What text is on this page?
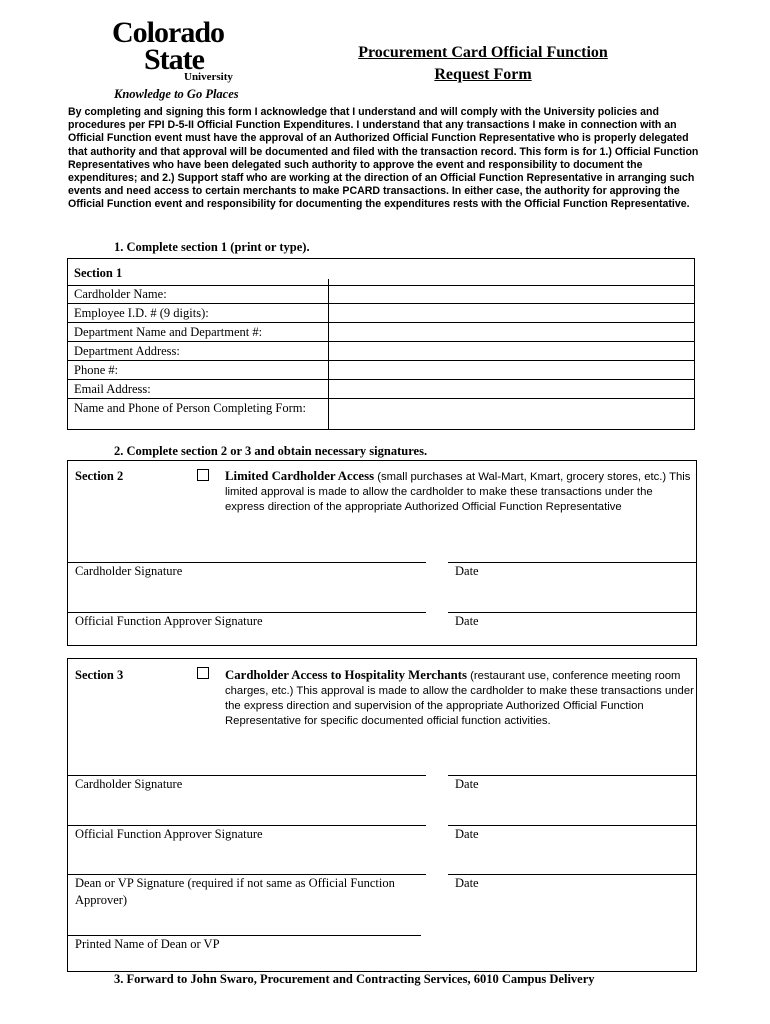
Colorado
State
University
Knowledge to Go Places
Procurement Card Official Function
Request Form
By completing and signing this form I acknowledge that I understand and will comply with the University policies and procedures per FPI D-5-II Official Function Expenditures. I understand that any transactions I make in connection with an Official Function event must have the approval of an Authorized Official Function Representative who is properly delegated that authority and that approval will be documented and filed with the transaction record. This form is for 1.) Official Function Representatives who have been delegated such authority to approve the event and responsibility to document the expenditures; and 2.) Support staff who are working at the direction of an Official Function Representative in arranging such events and need access to certain merchants to make PCARD transactions. In either case, the authority for approving the Official Function event and responsibility for documenting the expenditures rests with the Official Function Representative.
1. Complete section 1 (print or type).
Section 1
Cardholder Name:
Employee I.D. # (9 digits):
Department Name and Department #:
Department Address:
Phone #:
Email Address:
Name and Phone of Person Completing Form:
2. Complete section 2 or 3 and obtain necessary signatures.
Section 2	Limited Cardholder Access (small purchases at Wal-Mart, Kmart, grocery stores, etc.) This limited approval is made to allow the cardholder to make these transactions under the express direction of the appropriate Authorized Official Function Representative
Cardholder Signature	Date
Official Function Approver Signature	Date
Section 3	Cardholder Access to Hospitality Merchants (restaurant use, conference meeting room charges, etc.) This approval is made to allow the cardholder to make these transactions under the express direction and supervision of the appropriate Authorized Official Function Representative for specific documented official function activities.
Cardholder Signature	Date
Official Function Approver Signature	Date
Dean or VP Signature (required if not same as Official Function Approver)
Date
Printed Name of Dean or VP
3. Forward to John Swaro, Procurement and Contracting Services, 6010 Campus Delivery
